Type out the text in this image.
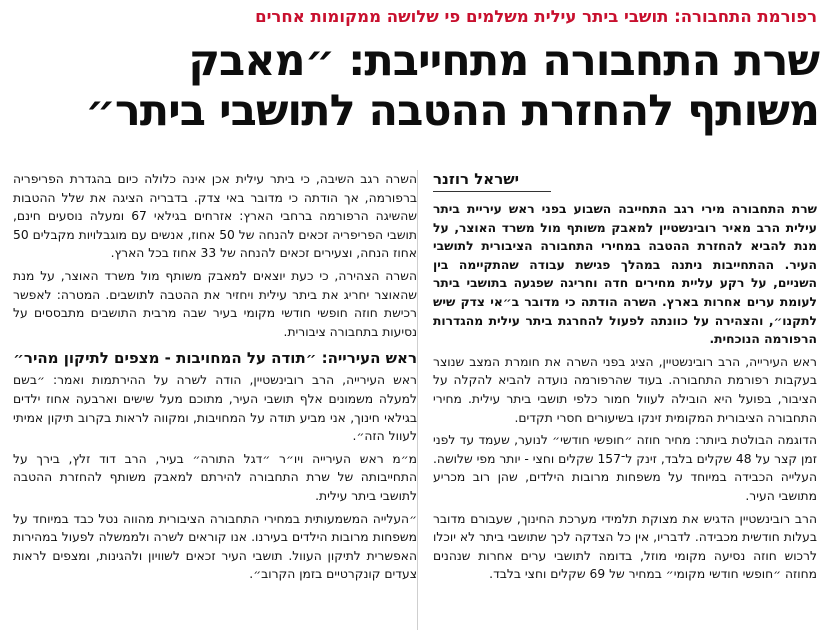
רפורמת התחבורה: תושבי ביתר עילית משלמים פי שלושה ממקומות אחרים
שרת התחבורה מתחייבת: ״מאבק
משותף להחזרת ההטבה לתושבי ביתר״
ישראל רוזנר

שרת התחבורה מירי רגב התחייבה השבוע בפני ראש עיריית ביתר עילית הרב מאיר רובינשטיין למאבק משותף מול משרד האוצר, על מנת להביא להחזרת ההטבה במחירי התחבורה הציבורית לתושבי העיר. ההתחייבות ניתנה במהלך פגישת עבודה שהתקיימה בין השניים, על רקע עליית מחירים חדה וחריגה שפגעה בתושבי ביתר לעומת ערים אחרות בארץ. השרה הודתה כי מדובר ב״אי צדק שיש לתקנו״, והצהירה על כוונתה לפעול להחרגת ביתר עילית מהגדרות הרפורמה הנוכחית.

ראש העירייה, הרב רובינשטיין, הציג בפני השרה את חומרת המצב שנוצר בעקבות רפורמת התחבורה. בעוד שהרפורמה נועדה להביא להקלה על הציבור, בפועל היא הובילה לעוול חמור כלפי תושבי ביתר עילית. מחירי התחבורה הציבורית המקומית זינקו בשיעורים חסרי תקדים.

הדוגמה הבולטת ביותר: מחיר חוזה ״חופשי חודשי״ לנוער, שעמד עד לפני זמן קצר על 48 שקלים בלבד, זינק ל־157 שקלים וחצי - יותר מפי שלושה. העלייה הכבידה במיוחד על משפחות מרובות הילדים, שהן רוב מכריע מתושבי העיר.

הרב רובינשטיין הדגיש את מצוקת תלמידי מערכת החינוך, שעבורם מדובר בעלות חודשית מכבידה. לדבריו, אין כל הצדקה לכך שתושבי ביתר לא יוכלו לרכוש חוזה נסיעה מקומי מוזל, בדומה לתושבי ערים אחרות שנהנים מחוזה ״חופשי חודשי מקומי״ במחיר של 69 שקלים וחצי בלבד.

השרה רגב השיבה, כי ביתר עילית אכן אינה כלולה כיום בהגדרת הפריפריה ברפורמה, אך הודתה כי מדובר באי צדק. בדבריה הציגה את שלל ההטבות שהשיגה הרפורמה ברחבי הארץ: אזרחים בגילאי 67 ומעלה נוסעים חינם, תושבי הפריפריה זכאים להנחה של 50 אחוז, אנשים עם מוגבלויות מקבלים 50 אחוז הנחה, וצעירים זכאים להנחה של 33 אחוז בכל הארץ.

השרה הצהירה, כי כעת יוצאים למאבק משותף מול משרד האוצר, על מנת שהאוצר יחריג את ביתר עילית ויחזיר את ההטבה לתושבים. המטרה: לאפשר רכישת חוזה חופשי חודשי מקומי בעיר שבה מרבית התושבים מתבססים על נסיעות בתחבורה ציבורית.

ראש העירייה: ״תודה על המחויבות - מצפים לתיקון מהיר״

ראש העירייה, הרב רובינשטיין, הודה לשרה על ההירתמות ואמר: ״בשם למעלה משמונים אלף תושבי העיר, מתוכם מעל שישים וארבעה אחוז ילדים בגילאי חינוך, אני מביע תודה על המחויבות, ומקווה לראות בקרוב תיקון אמיתי לעוול הזה״.

מ״מ ראש העירייה ויו״ר ״דגל התורה״ בעיר, הרב דוד זלץ, בירך על התחייבותה של שרת התחבורה להירתם למאבק משותף להחזרת ההטבה לתושבי ביתר עילית.

״העלייה המשמעותית במחירי התחבורה הציבורית מהווה נטל כבד במיוחד על משפחות מרובות הילדים בעירנו. אנו קוראים לשרה ולממשלה לפעול במהירות האפשרית לתיקון העוול. תושבי העיר זכאים לשוויון ולהגינות, ומצפים לראות צעדים קונקרטיים בזמן הקרוב״.
